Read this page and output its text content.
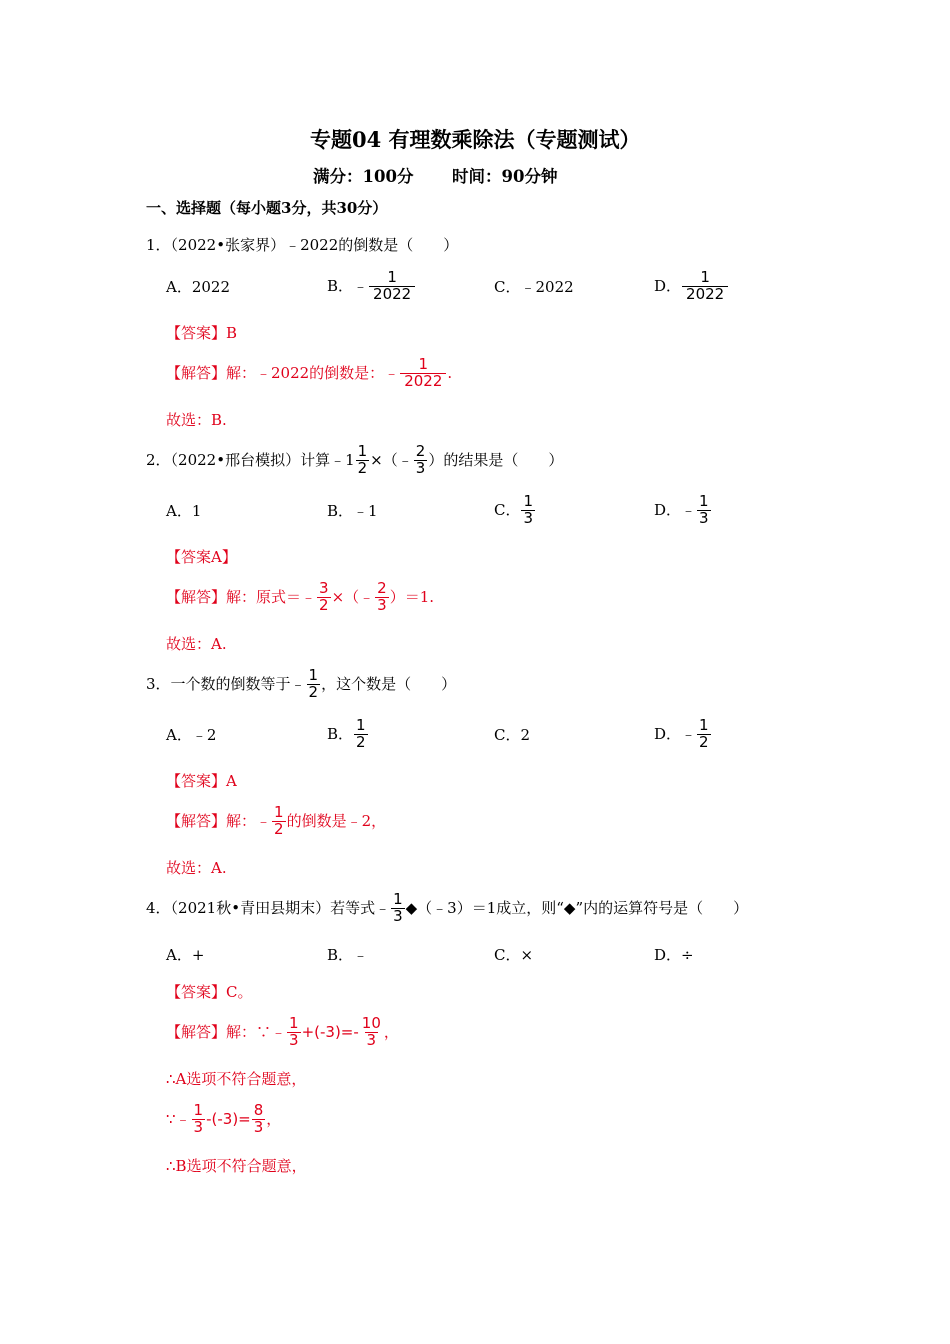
专题04 有理数乘除法（专题测试）
满分：100分 时间：90分钟
一、选择题（每小题3分，共30分）
1．（2022•张家界）﹣2022的倒数是（　　）
A．2022	B． ﹣ $\frac{1}{2022}$	C．﹣2022	D． $\frac{1}{2022}$
【答案】B
【解答】解：﹣2022的倒数是：﹣ $\frac{1}{2022}$ .
故选：B.
2．（2022•邢台模拟）计算﹣1 $\frac{1}{2}$ × （﹣ $\frac{2}{3}$ ）的结果是（　　）
A．1	B．﹣1	C． $\frac{1}{3}$	D． ﹣ $\frac{1}{3}$
【答案A】
【解答】解：原式＝﹣ $\frac{3}{2}$ ×（﹣ $\frac{2}{3} )=1$.
故选：A.
3．一个数的倒数等于﹣ $\frac{1}{2}$ ，这个数是（　　）
A．﹣2	B． $\frac{1}{2}$	C．2	D． ﹣ $\frac{1}{2}$
【答案】A
【解答】解：﹣ $\frac{1}{2}$ 的倒数是﹣2，
故选：A.
4．（2021秋•青田县期末）若等式﹣ $\frac{1}{3}$ ◆（﹣3）＝1成立，则“◆”内的运算符号是（　　）
A．+	B．﹣	C．×	D．÷
【答案】C。
【解答】解：∵﹣ $\frac{1}{3} +(-3)=- \frac{10}{3}$ ，
∴A选项不符合题意，
∵﹣ $\frac{1}{3} -(-3)= \frac{8}{3}$ ，
∴B选项不符合题意，
